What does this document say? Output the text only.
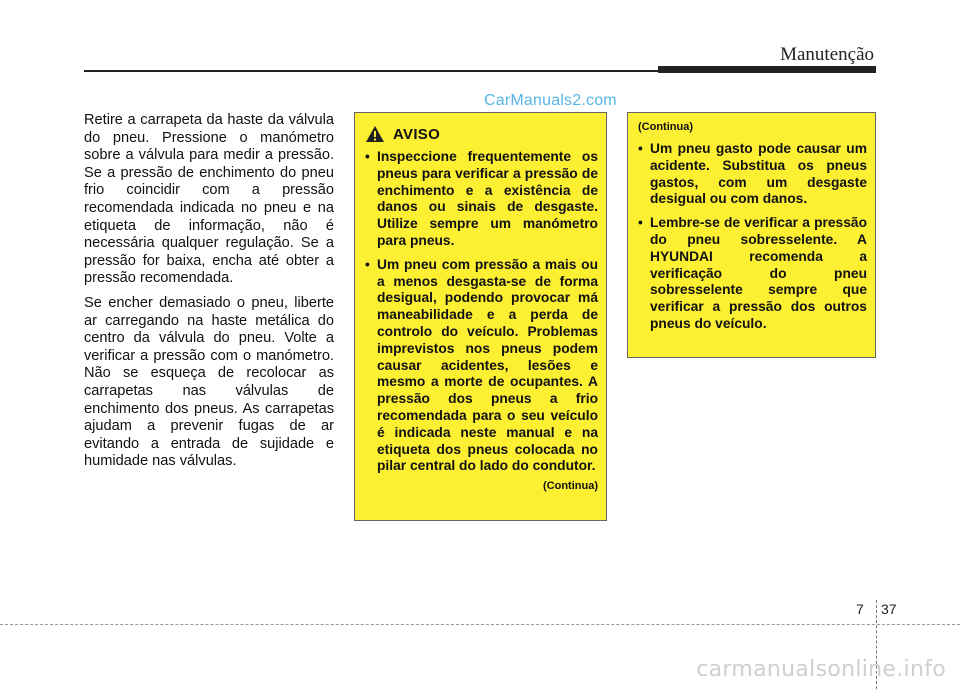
Manutenção
CarManuals2.com

Retire a carrapeta da haste da válvula do pneu. Pressione o manómetro sobre a válvula para medir a pressão. Se a pressão de enchimento do pneu frio coincidir com a pressão recomendada indicada no pneu e na etiqueta de informação, não é necessária qualquer regulação. Se a pressão for baixa, encha até obter a pressão recomendada.

Se encher demasiado o pneu, liberte ar carregando na haste metálica do centro da válvula do pneu. Volte a verificar a pressão com o manómetro. Não se esqueça de recolocar as carrapetas nas válvulas de enchimento dos pneus. As carrapetas ajudam a prevenir fugas de ar evitando a entrada de sujidade e humidade nas válvulas.

AVISO
• Inspeccione frequentemente os pneus para verificar a pressão de enchimento e a existência de danos ou sinais de desgaste. Utilize sempre um manómetro para pneus.
• Um pneu com pressão a mais ou a menos desgasta-se de forma desigual, podendo provocar má maneabilidade e a perda de controlo do veículo. Problemas imprevistos nos pneus podem causar acidentes, lesões e mesmo a morte de ocupantes. A pressão dos pneus a frio recomendada para o seu veículo é indicada neste manual e na etiqueta dos pneus colocada no pilar central do lado do condutor.
(Continua)
(Continua)
• Um pneu gasto pode causar um acidente. Substitua os pneus gastos, com um desgaste desigual ou com danos.
• Lembre-se de verificar a pressão do pneu sobresselente. A HYUNDAI recomenda a verificação do pneu sobresselente sempre que verificar a pressão dos outros pneus do veículo.
7 37
carmanualsonline.info
